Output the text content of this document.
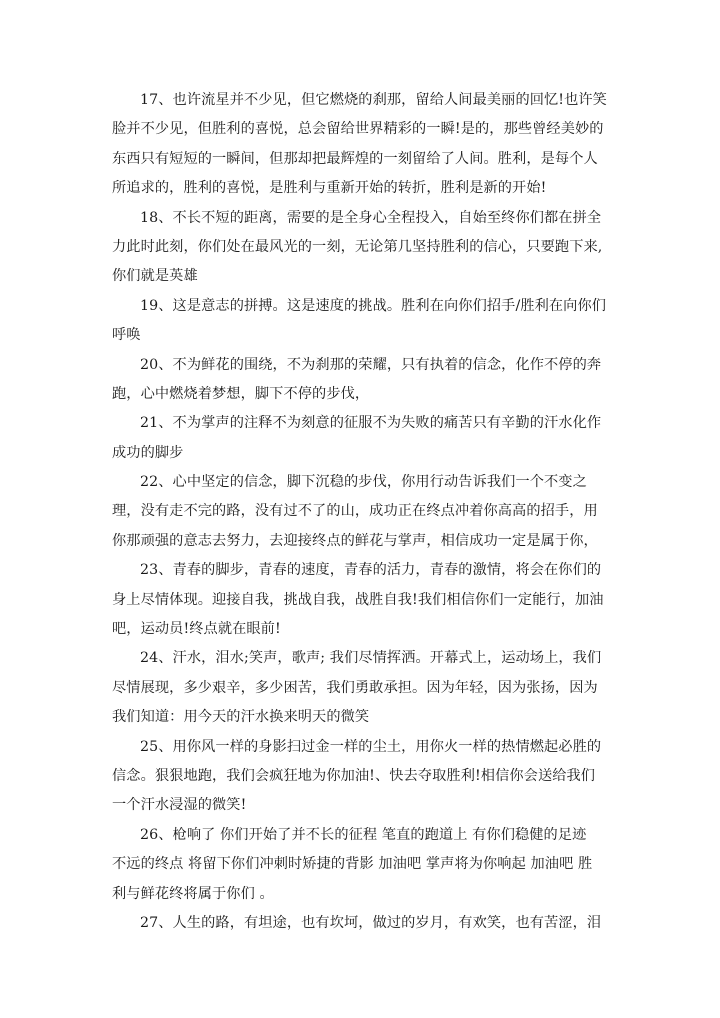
17、也许流星并不少见，但它燃烧的刹那，留给人间最美丽的回忆!也许笑
脸并不少见，但胜利的喜悦，总会留给世界精彩的一瞬!是的，那些曾经美妙的
东西只有短短的一瞬间，但那却把最辉煌的一刻留给了人间。胜利，是每个人
所追求的，胜利的喜悦，是胜利与重新开始的转折，胜利是新的开始!
18、不长不短的距离，需要的是全身心全程投入，自始至终你们都在拼全
力此时此刻，你们处在最风光的一刻，无论第几坚持胜利的信心，只要跑下来,
你们就是英雄
19、这是意志的拼搏。这是速度的挑战。胜利在向你们招手/胜利在向你们
呼唤
20、不为鲜花的围绕，不为刹那的荣耀，只有执着的信念，化作不停的奔
跑，心中燃烧着梦想，脚下不停的步伐，
21、不为掌声的注释不为刻意的征服不为失败的痛苦只有辛勤的汗水化作
成功的脚步
22、心中坚定的信念，脚下沉稳的步伐，你用行动告诉我们一个不变之
理，没有走不完的路，没有过不了的山，成功正在终点冲着你高高的招手，用
你那顽强的意志去努力，去迎接终点的鲜花与掌声，相信成功一定是属于你，
23、青春的脚步，青春的速度，青春的活力，青春的激情，将会在你们的
身上尽情体现。迎接自我，挑战自我，战胜自我!我们相信你们一定能行，加油
吧，运动员!终点就在眼前!
24、汗水，泪水;笑声，歌声; 我们尽情挥洒。开幕式上，运动场上，我们
尽情展现，多少艰辛，多少困苦，我们勇敢承担。因为年轻，因为张扬，因为
我们知道：用今天的汗水换来明天的微笑
25、用你风一样的身影扫过金一样的尘土，用你火一样的热情燃起必胜的
信念。狠狠地跑，我们会疯狂地为你加油!、快去夺取胜利!相信你会送给我们
一个汗水浸湿的微笑!
26、枪响了 你们开始了并不长的征程 笔直的跑道上 有你们稳健的足迹
不远的终点 将留下你们冲刺时矫捷的背影 加油吧 掌声将为你响起 加油吧 胜
利与鲜花终将属于你们 。
27、人生的路，有坦途，也有坎坷，做过的岁月，有欢笑，也有苦涩，泪
